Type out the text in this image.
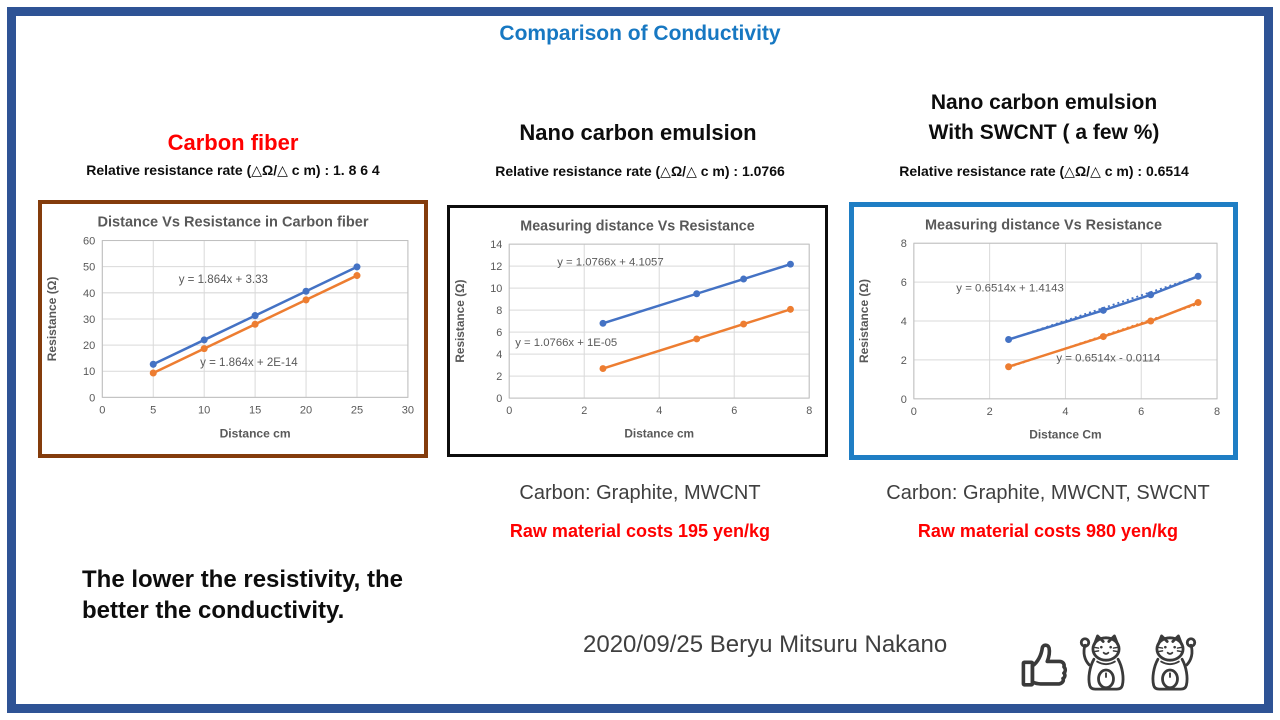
Comparison of Conductivity
Carbon fiber	Nano carbon emulsion
Nano carbon emulsion
With SWCNT ( a few %)
Relative resistance rate (△Ω/△ c m) : 1. 8 6 4	Relative resistance rate (△Ω/△ c m) : 1.0766	Relative resistance rate (△Ω/△ c m) : 0.6514
Distance Vs Resistance in Carbon fiber
0
10
20
30
40
50
60
0	5	10	15	20	25	30
Distance cm
Resistance (Ω)	y = 1.864x + 3.33
y = 1.864x + 2E-14
Measuring distance Vs Resistance
0
2
4
6
8
10
12
14
0	2	4	6	8
Distance cm
Resistance (Ω)
y = 1.0766x + 4.1057
y = 1.0766x + 1E-05
Measuring distance Vs Resistance
0
2
4
6
8
0	2	4	6	8
Distance Cm
Resistance (Ω)	y = 0.6514x + 1.4143
y = 0.6514x - 0.0114
Carbon: Graphite, MWCNT
Raw material costs 195 yen/kg
Carbon: Graphite, MWCNT, SWCNT
Raw material costs 980 yen/kg
The lower the resistivity, the
better the conductivity.
2020/09/25 Beryu Mitsuru Nakano
